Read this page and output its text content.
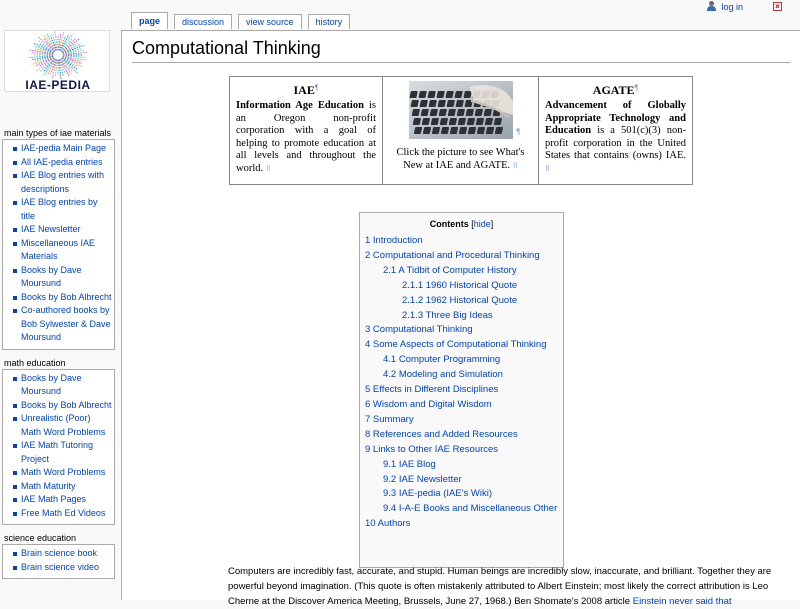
log in	×
page	discussion	view source	history
IAE-PEDIA
main types of iae materials
IAE-pedia Main Page
All IAE-pedia entries
IAE Blog entries with descriptions
IAE Blog entries by title
IAE Newsletter
Miscellaneous IAE Materials
Books by Dave Moursund
Books by Bob Albrecht
Co-authored books by Bob Sylwester & Dave Moursund
math education
Books by Dave Moursund
Books by Bob Albrecht
Unrealistic (Poor) Math Word Problems
IAE Math Tutoring Project
Math Word Problems
Math Maturity
IAE Math Pages
Free Math Ed Videos
science education
Brain science book
Brain science video
Computational Thinking
IAE¶
Information Age Education is an Oregon non-profit corporation with a goal of helping to promote education at all levels and throughout the world. ⠿
¶
Click the picture to see What's New at IAE and AGATE. ⠿
AGATE¶
Advancement of Globally Appropriate Technology and Education is a 501(c)(3) non-profit corporation in the United States that contains (owns) IAE. ⠿
Contents [hide]
1 Introduction
2 Computational and Procedural Thinking
2.1 A Tidbit of Computer History
2.1.1 1960 Historical Quote
2.1.2 1962 Historical Quote
2.1.3 Three Big Ideas
3 Computational Thinking
4 Some Aspects of Computational Thinking
4.1 Computer Programming
4.2 Modeling and Simulation
5 Effects in Different Disciplines
6 Wisdom and Digital Wisdom
7 Summary
8 References and Added Resources
9 Links to Other IAE Resources
9.1 IAE Blog
9.2 IAE Newsletter
9.3 IAE-pedia (IAE's Wiki)
9.4 I-A-E Books and Miscellaneous Other
10 Authors
Computers are incredibly fast, accurate, and stupid. Human beings are incredibly slow, inaccurate, and brilliant. Together they are powerful beyond imagination. (This quote is often mistakenly attributed to Albert Einstein; most likely the correct attribution is Leo Cherne at the Discover America Meeting, Brussels, June 27, 1968.) Ben Shomate's 2008 article Einstein never said that
